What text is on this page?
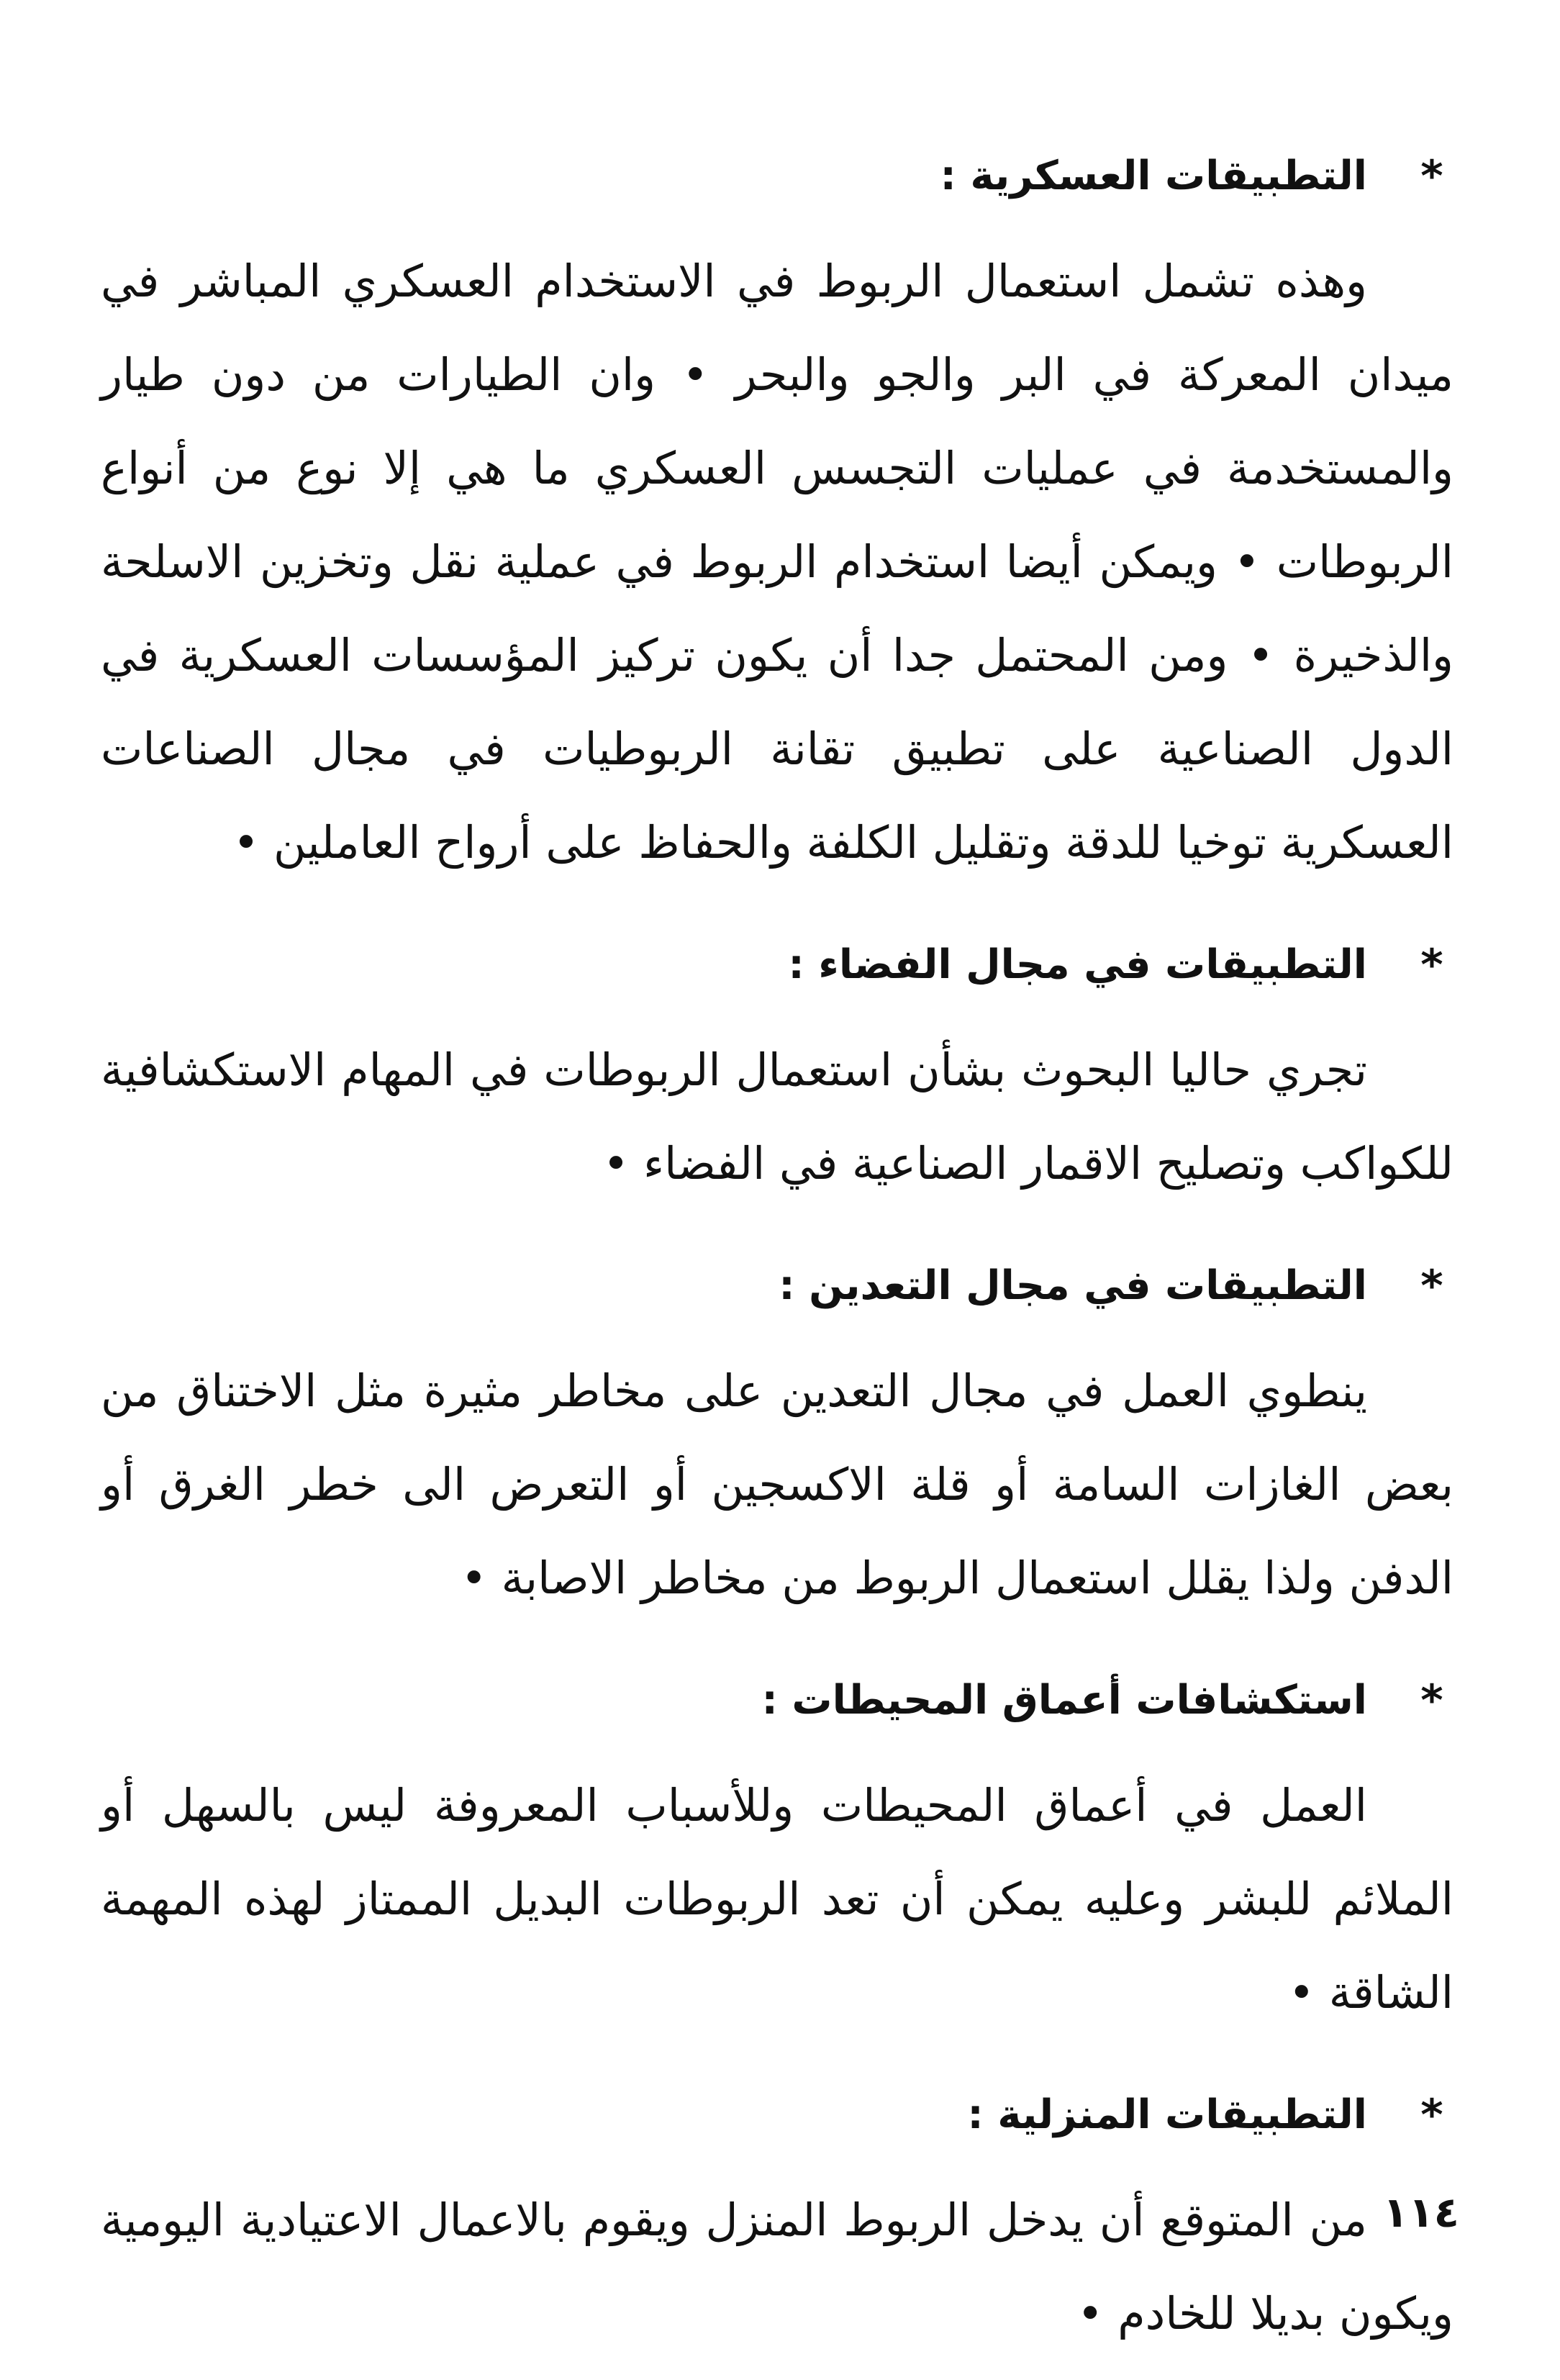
*
التطبيقات العسكرية :

وهذه تشمل استعمال الربوط في الاستخدام العسكري المباشر في ميدان المعركة في البر والجو والبحر • وان الطيارات من دون طيار والمستخدمة في عمليات التجسس العسكري ما هي إلا نوع من أنواع الربوطات • ويمكن أيضا استخدام الربوط في عملية نقل وتخزين الاسلحة والذخيرة • ومن المحتمل جدا أن يكون تركيز المؤسسات العسكرية في الدول الصناعية على تطبيق تقانة الربوطيات في مجال الصناعات العسكرية توخيا للدقة وتقليل الكلفة والحفاظ على أرواح العاملين •

*
التطبيقات في مجال الفضاء :

تجري حاليا البحوث بشأن استعمال الربوطات في المهام الاستكشافية للكواكب وتصليح الاقمار الصناعية في الفضاء •

*
التطبيقات في مجال التعدين :

ينطوي العمل في مجال التعدين على مخاطر مثيرة مثل الاختناق من بعض الغازات السامة أو قلة الاكسجين أو التعرض الى خطر الغرق أو الدفن ولذا يقلل استعمال الربوط من مخاطر الاصابة •

*
استكشافات أعماق المحيطات :

العمل في أعماق المحيطات وللأسباب المعروفة ليس بالسهل أو الملائم للبشر وعليه يمكن أن تعد الربوطات البديل الممتاز لهذه المهمة الشاقة •

*
التطبيقات المنزلية :

من المتوقع أن يدخل الربوط المنزل ويقوم بالاعمال الاعتيادية اليومية ويكون بديلا للخادم •

١١٤
